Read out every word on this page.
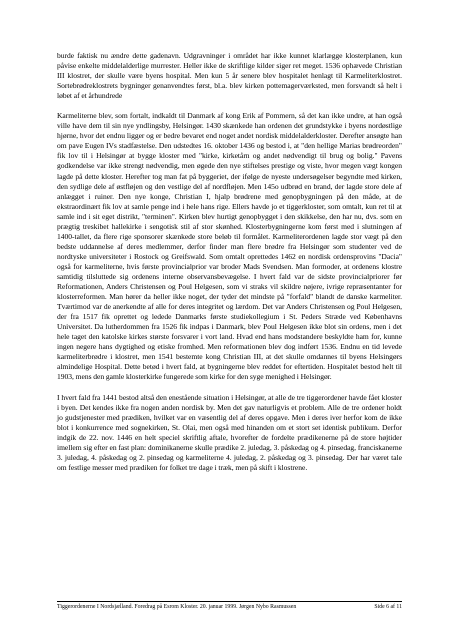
burde faktisk nu ændre dette gadenavn. Udgravninger i området har ikke kunnet klarlægge klosterplanen, kun påvise enkelte middelalderlige murrester. Heller ikke de skriftlige kilder siger ret meget. 1536 ophævede Christian III klostret, der skulle være byens hospital. Men kun 5 år senere blev hospitalet henlagt til Karmeliterklostret. Sortebrødreklostrets bygninger genanvendtes først, bl.a. blev kirken pottemagerværksted, men forsvandt så helt i løbet af et århundrede

Karmeliterne blev, som fortalt, indkaldt til Danmark af kong Erik af Pommern, så det kan ikke undre, at han også ville have dem til sin nye yndlingsby, Helsingør. 1430 skænkede han ordenen det grundstykke i byens nordøstlige hjørne, hvor det endnu ligger og er bedre bevaret end noget andet nordisk middelalderkloster. Derefter ansøgte han om pave Eugen IVs stadfæstelse. Den udstedtes 16. oktober 1436 og bestod i, at "den hellige Marias brødreorden" fik lov til i Helsingør at bygge kloster med "kirke, kirketårn og andet nødvendigt til brug og bolig." Pavens godkendelse var ikke strengt nødvendig, men øgede den nye stiftelses prestige og viste, hvor megen vægt kongen lagde på dette kloster. Herefter tog man fat på byggeriet, der ifølge de nyeste undersøgelser begyndte med kirken, den sydlige dele af østfløjen og den vestlige del af nordfløjen. Men 145o udbrød en brand, der lagde store dele af anlægget i ruiner. Den nye konge, Christian I, hjalp brødrene med genopbygningen på den måde, at de ekstraordinært fik lov at samle penge ind i hele hans rige. Ellers havde jo et tiggerkloster, som omtalt, kun ret til at samle ind i sit eget distrikt, "terminen". Kirken blev hurtigt genopbygget i den skikkelse, den har nu, dvs. som en prægtig treskibet hallekirke i sengotisk stil af stor skønhed. Klosterbygningerne kom først med i slutningen af 1400-tallet, da flere rige sponsorer skænkede store beløb til formålet. Karmeliterordenen lagde stor vægt på den bedste uddannelse af deres medlemmer, derfor finder man flere brødre fra Helsingør som studenter ved de nordtyske universiteter i Rostock og Greifswald. Som omtalt oprettedes 1462 en nordisk ordensprovins "Dacia" også for karmeliterne, hvis første provincialprior var broder Mads Svendsen. Man formoder, at ordenens klostre samtidig tilsluttede sig ordenens interne observansbevægelse. I hvert fald var de sidste provincialpriorer før Reformationen, Anders Christensen og Poul Helgesen, som vi straks vil skildre nøjere, ivrige repræsentanter for klosterreformen. Man hører da heller ikke noget, der tyder det mindste på "forfald" blandt de danske karmeliter. Tværtimod var de anerkendte af alle for deres integritet og lærdom. Det var Anders Christensen og Poul Helgesen, der fra 1517 fik oprettet og ledede Danmarks første studiekollegium i St. Peders Stræde ved Københavns Universitet. Da lutherdommen fra 1526 fik indpas i Danmark, blev Poul Helgesen ikke blot sin ordens, men i det hele taget den katolske kirkes største forsvarer i vort land. Hvad end hans modstandere beskyldte ham for, kunne ingen negere hans dygtighed og etiske fromhed. Men reformationen blev dog indført 1536. Endnu en tid levede karmeliterbrødre i klostret, men 1541 bestemte kong Christian III, at det skulle omdannes til byens Helsingørs almindelige Hospital. Dette betød i hvert fald, at bygningerne blev reddet for eftertiden. Hospitalet bestod helt til 1903, mens den gamle klosterkirke fungerede som kirke for den syge menighed i Helsingør.

I hvert fald fra 1441 bestod altså den enestående situation i Helsingør, at alle de tre tiggerordener havde fået kloster i byen. Det kendes ikke fra nogen anden nordisk by. Men det gav naturligvis et problem. Alle de tre ordener holdt jo gudstjenester med prædiken, hvilket var en væsentlig del af deres opgave. Men i deres iver herfor kom de ikke blot i konkurrence med sognekirken, St. Olai, men også med hinanden om et stort set identisk publikum. Derfor indgik de 22. nov. 1446 en helt speciel skriftlig aftale, hvorefter de fordelte prædikenerne på de store højtider imellem sig efter en fast plan: dominikanerne skulle prædike 2. juledag, 3. påskedag og 4. pinsedag, franciskanerne 3. juledag, 4. påskedag og 2. pinsedag og karmeliterne 4. juledag, 2. påskedag og 3. pinsedag. Der har været tale om festlige messer med prædiken for folket tre dage i træk, men på skift i klostrene.

Tiggerordenerne I Nordsjælland. Foredrag på Esrom Kloster. 20. januar 1999. Jørgen Nybo Rasmussen	Side 6 af 11
